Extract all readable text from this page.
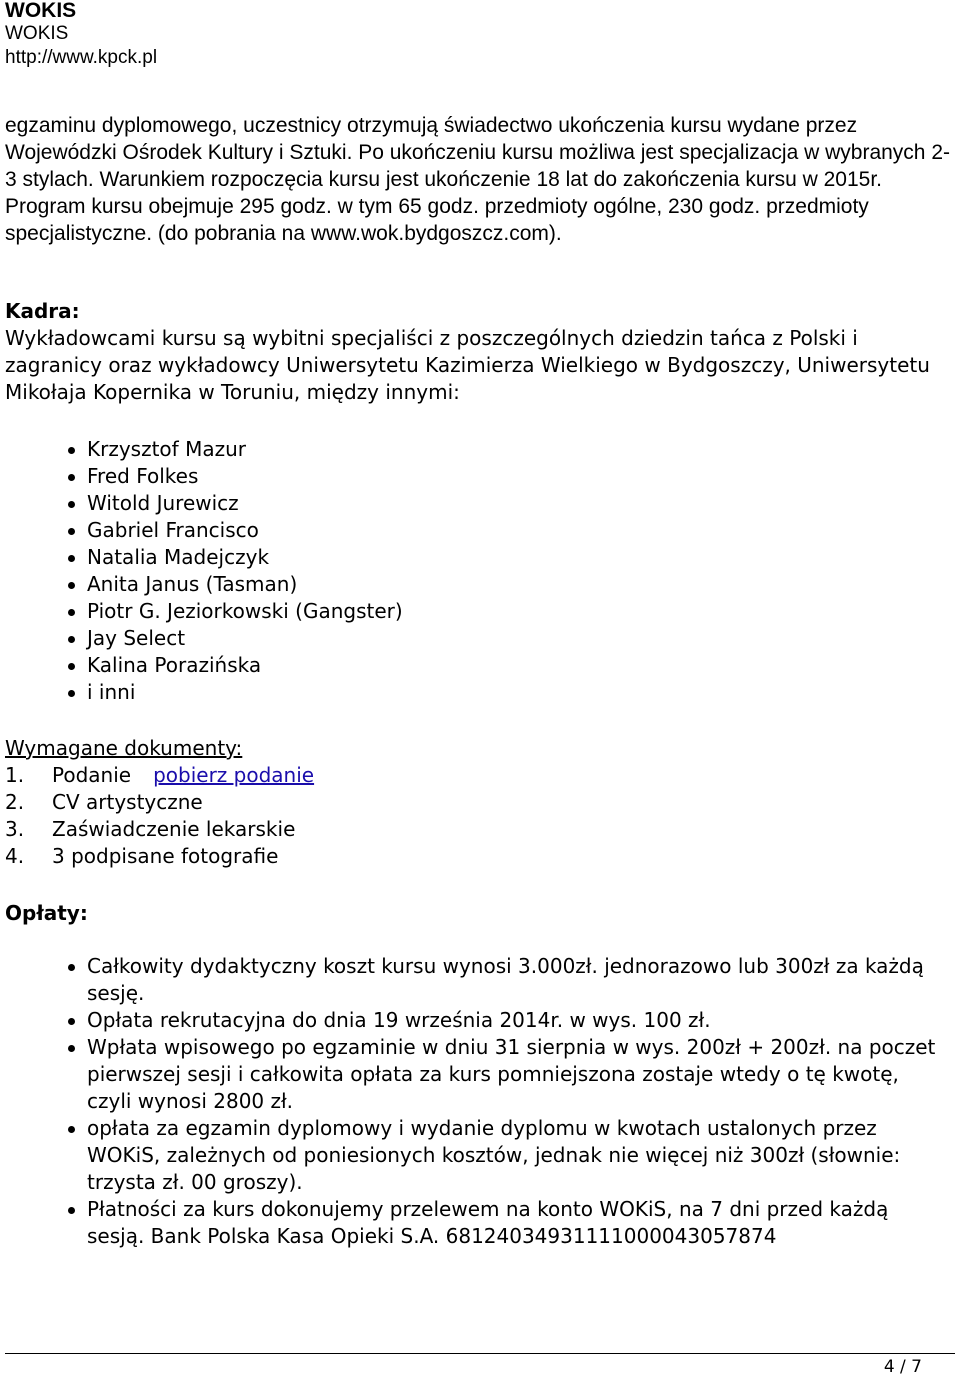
WOKIS

WOKIS

http://www.kpck.pl

egzaminu dyplomowego, uczestnicy otrzymują świadectwo ukończenia kursu wydane przez Wojewódzki Ośrodek Kultury i Sztuki. Po ukończeniu kursu możliwa jest specjalizacja w wybranych 2-3 stylach. Warunkiem rozpoczęcia kursu jest ukończenie 18 lat do zakończenia kursu w 2015r. Program kursu obejmuje 295 godz. w tym 65 godz. przedmioty ogólne, 230 godz. przedmioty specjalistyczne. (do pobrania na www.wok.bydgoszcz.com).

Kadra:

Wykładowcami kursu są wybitni specjaliści z poszczególnych dziedzin tańca z Polski i zagranicy oraz wykładowcy Uniwersytetu Kazimierza Wielkiego w Bydgoszczy, Uniwersytetu Mikołaja Kopernika w Toruniu, między innymi:

Krzysztof Mazur
Fred Folkes
Witold Jurewicz
Gabriel Francisco
Natalia Madejczyk
Anita Janus (Tasman)
Piotr G. Jeziorkowski (Gangster)
Jay Select
Kalina Porazińska
i inni

Wymagane dokumenty:

1.	Podanie pobierz podanie
2.	CV artystyczne
3.	Zaświadczenie lekarskie
4.	3 podpisane fotografie

Opłaty:

Całkowity dydaktyczny koszt kursu wynosi 3.000zł. jednorazowo lub 300zł za każdą sesję.
Opłata rekrutacyjna do dnia 19 września 2014r. w wys. 100 zł.
Wpłata wpisowego po egzaminie w dniu 31 sierpnia w wys. 200zł + 200zł. na poczet pierwszej sesji i całkowita opłata za kurs pomniejszona zostaje wtedy o tę kwotę, czyli wynosi 2800 zł.
opłata za egzamin dyplomowy i wydanie dyplomu w kwotach ustalonych przez WOKiS, zależnych od poniesionych kosztów, jednak nie więcej niż 300zł (słownie: trzysta zł. 00 groszy).
Płatności za kurs dokonujemy przelewem na konto WOKiS, na 7 dni przed każdą sesją. Bank Polska Kasa Opieki S.A. 68124034931111000043057874
4 / 7
